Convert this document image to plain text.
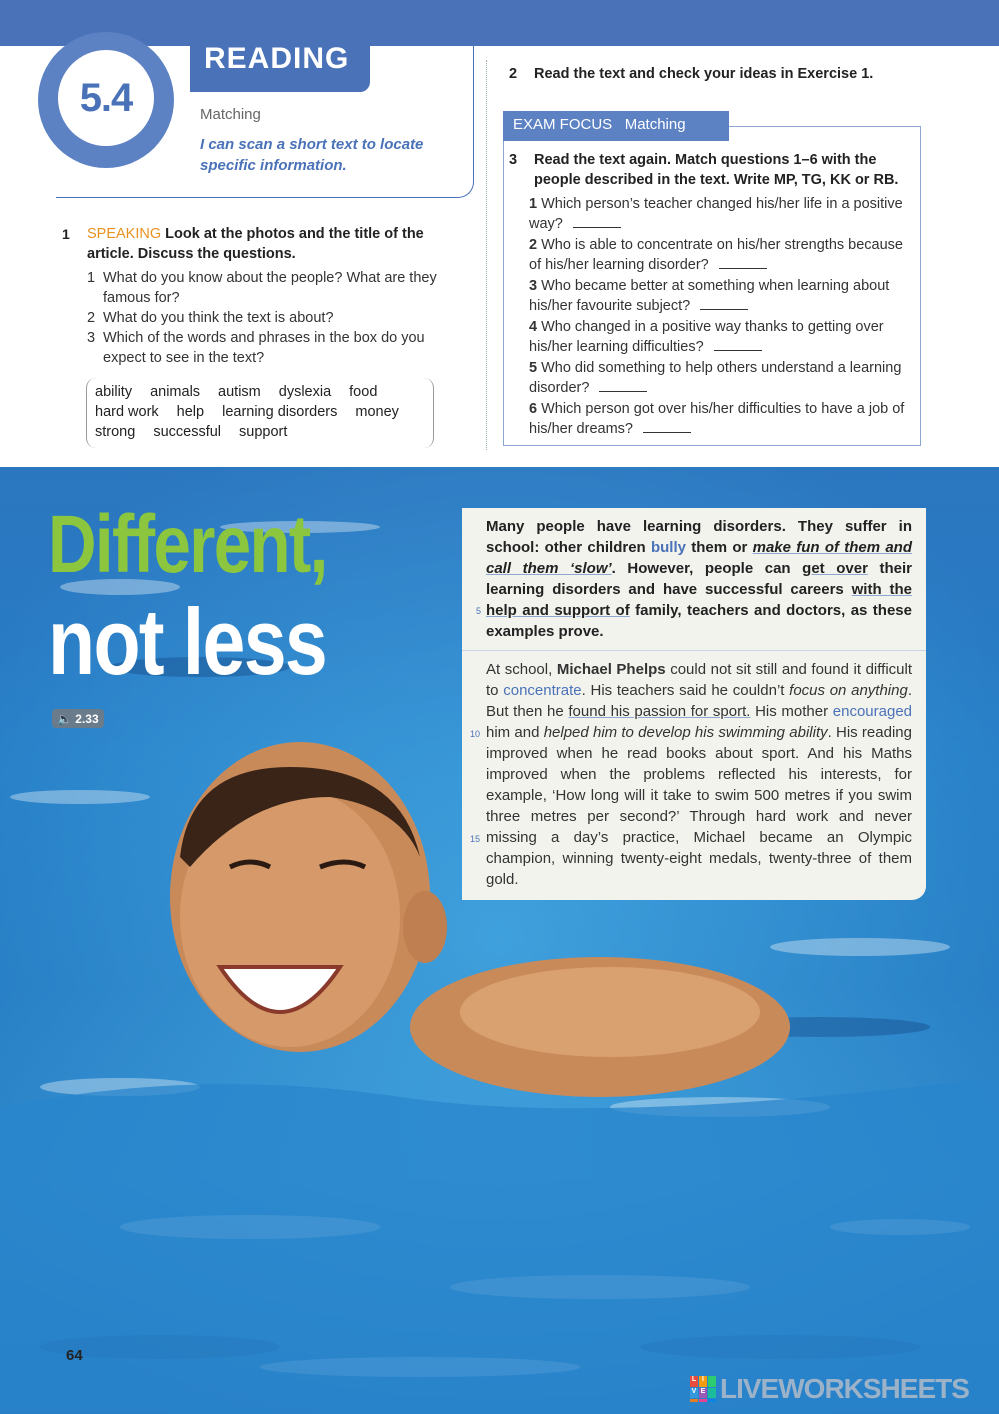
5.4
READING
Matching
I can scan a short text to locate specific information.
1 SPEAKING Look at the photos and the title of the article. Discuss the questions.
1 What do you know about the people? What are they famous for?
2 What do you think the text is about?
3 Which of the words and phrases in the box do you expect to see in the text?
ability animals autism dyslexia food
hard work help learning disorders money
strong successful support
2 Read the text and check your ideas in Exercise 1.
EXAM FOCUS Matching
3 Read the text again. Match questions 1–6 with the people described in the text. Write MP, TG, KK or RB.
1 Which person’s teacher changed his/her life in a positive way?
2 Who is able to concentrate on his/her strengths because of his/her learning disorder?
3 Who became better at something when learning about his/her favourite subject?
4 Who changed in a positive way thanks to getting over his/her learning difficulties?
5 Who did something to help others understand a learning disorder?
6 Which person got over his/her difficulties to have a job of his/her dreams?
Different,
not less
🔈 2.33

Many people have learning disorders. They suffer in school: other children bully them or make fun of them and call them ‘slow’. However, people can get over their learning disorders and have successful careers with the help and support of family, teachers and doctors, as these examples prove.

At school, Michael Phelps could not sit still and found it difficult to concentrate. His teachers said he couldn’t focus on anything. But then he found his passion for sport. His mother encouraged him and helped him to develop his swimming ability. His reading improved when he read books about sport. And his Maths improved when the problems reflected his interests, for example, ‘How long will it take to swim 500 metres if you swim three metres per second?’ Through hard work and never missing a day’s practice, Michael became an Olympic champion, winning twenty-eight medals, twenty-three of them gold.

5
10
15
64
L I
V E LIVEWORKSHEETS
